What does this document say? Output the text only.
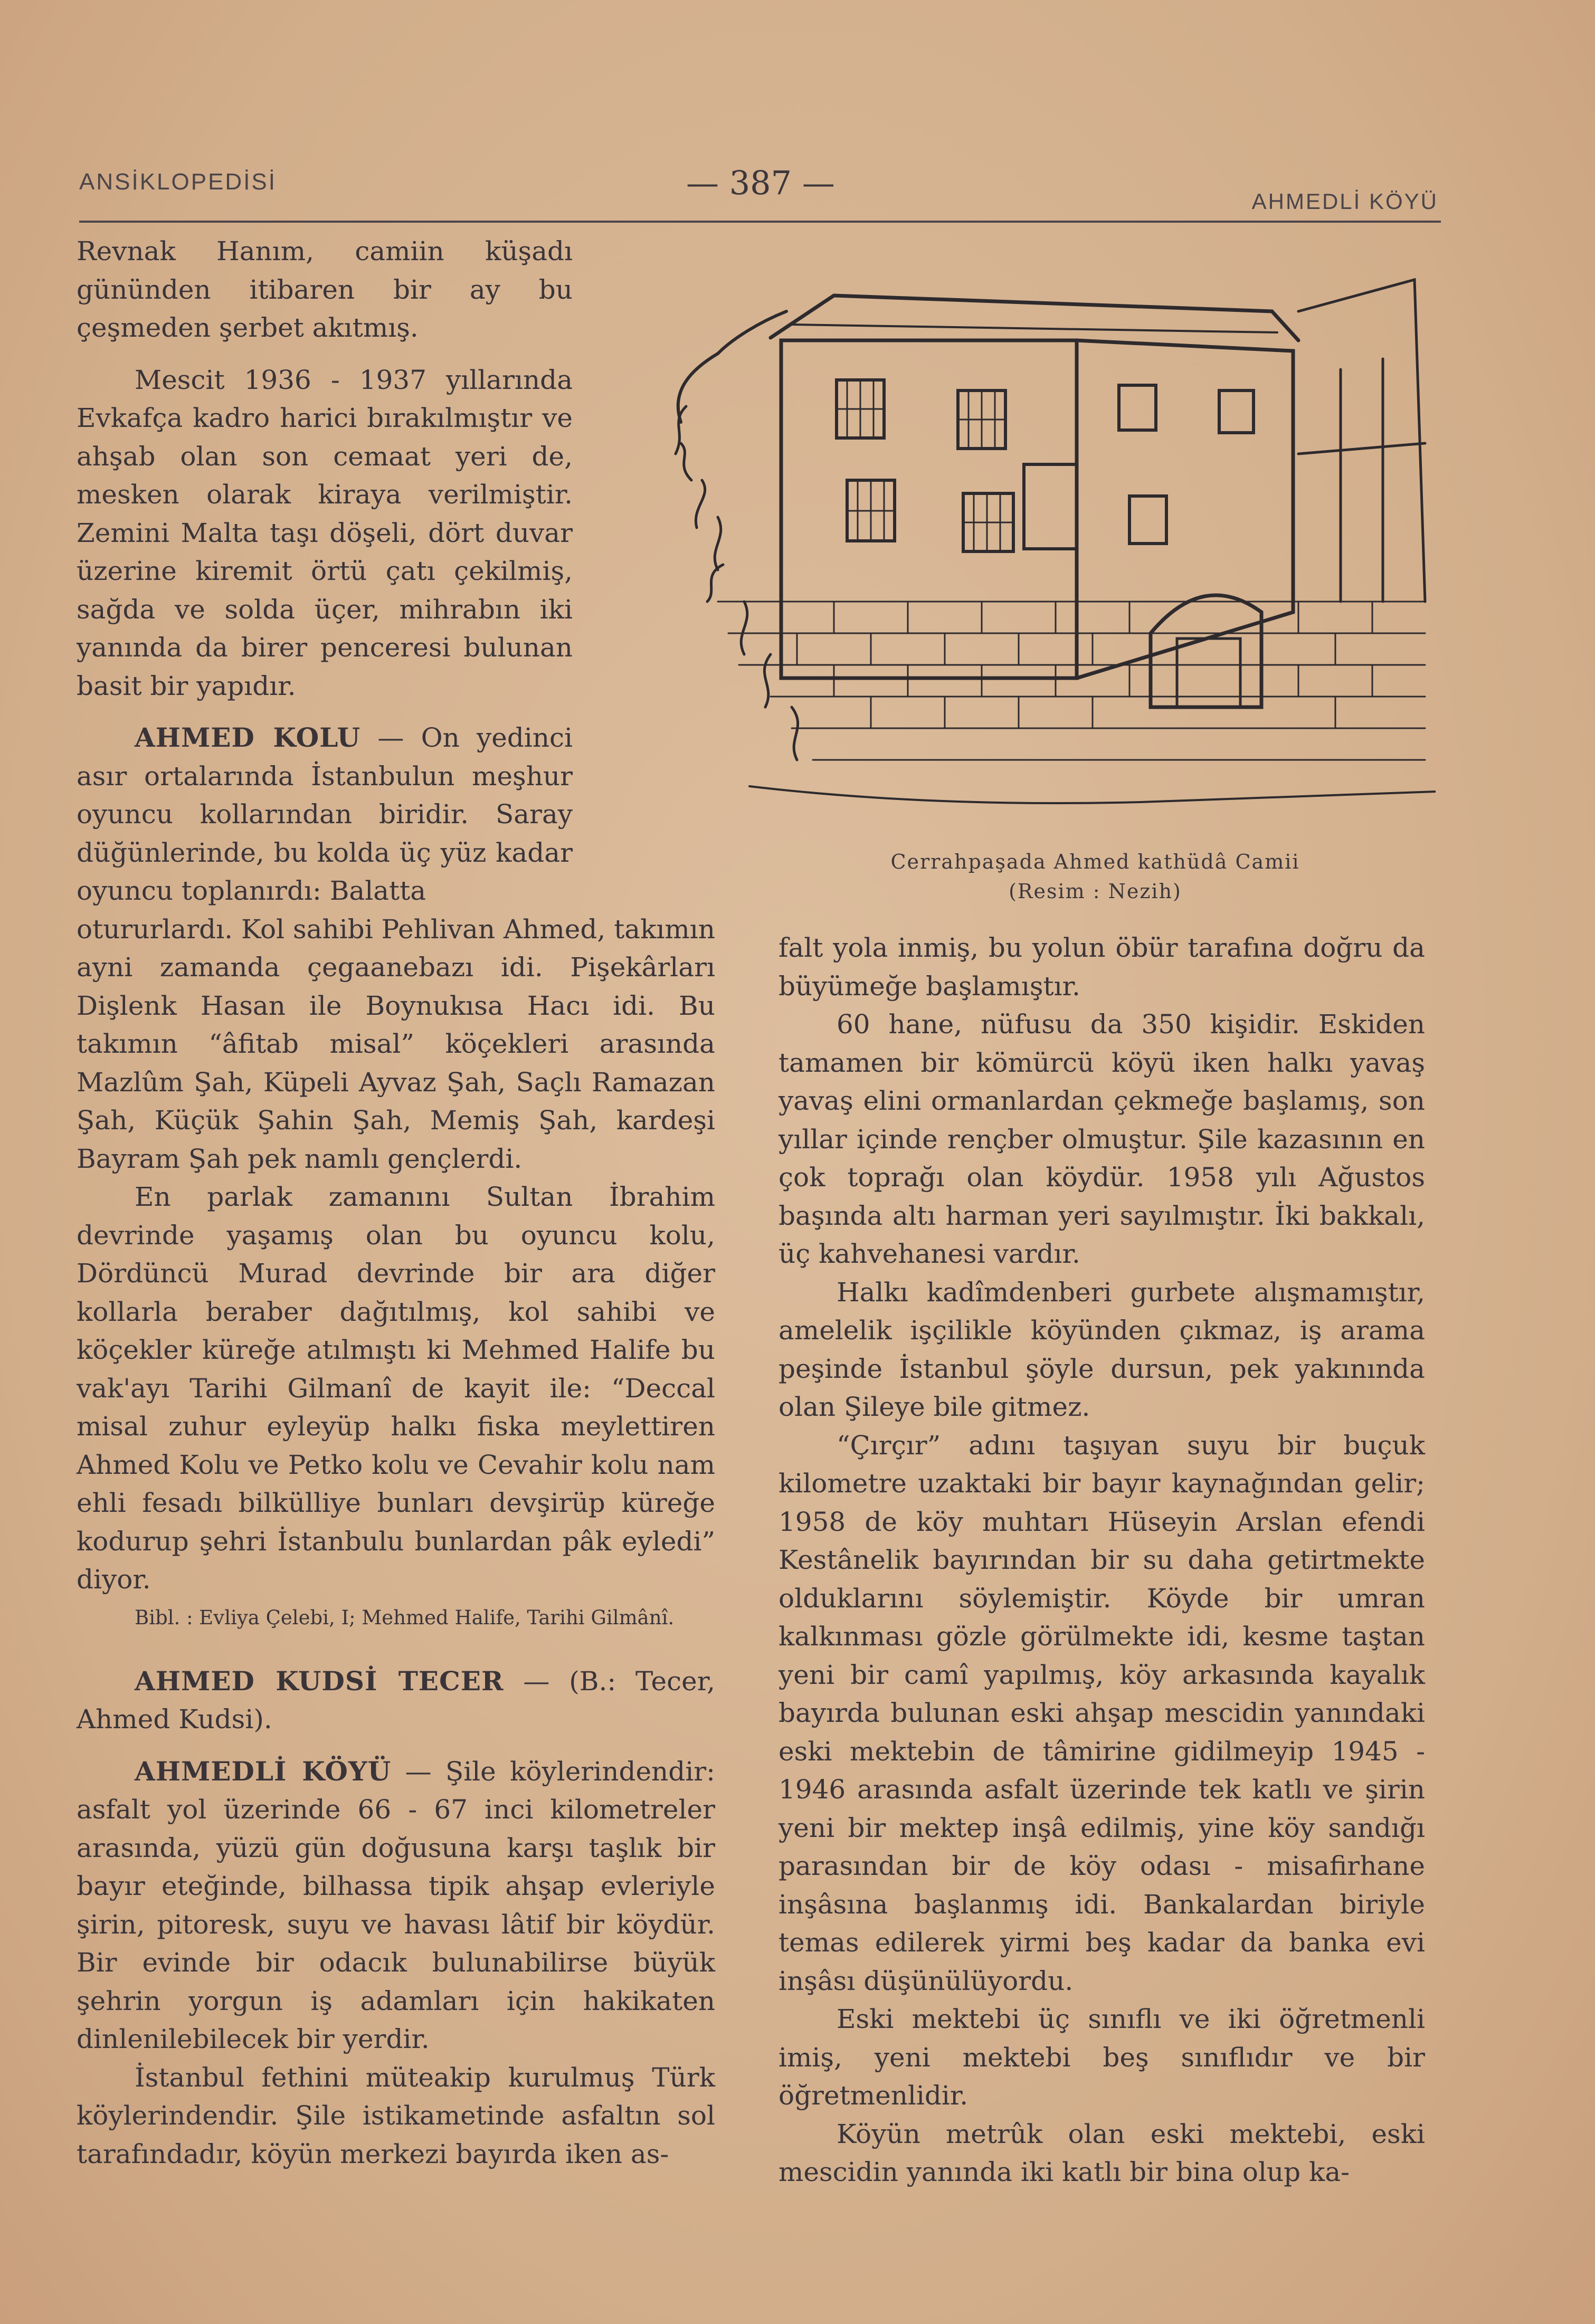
ANSİKLOPEDİSİ	— 387 —	AHMEDLİ KÖYÜ
Cerrahpaşada Ahmed kathüdâ Camii
(Resim : Nezih)

Revnak Hanım, camiin küşadı gününden itibaren bir ay bu çeşmeden şerbet akıtmış.

Mescit 1936 - 1937 yıllarında Evkafça kadro harici bırakılmıştır ve ahşab olan son cemaat yeri de, mesken olarak kiraya verilmiştir. Zemini Malta taşı döşeli, dört duvar üzerine kiremit örtü çatı çekilmiş, sağda ve solda üçer, mihrabın iki yanında da birer penceresi bulunan basit bir yapıdır.

AHMED KOLU — On yedinci asır ortalarında İstanbulun meşhur oyuncu kollarından biridir. Saray düğünlerinde, bu kolda üç yüz kadar oyuncu toplanırdı: Balatta

otururlardı. Kol sahibi Pehlivan Ahmed, takımın ayni zamanda çegaanebazı idi. Pişekârları Dişlenk Hasan ile Boynukısa Hacı idi. Bu takımın “âfitab misal” köçekleri arasında Mazlûm Şah, Küpeli Ayvaz Şah, Saçlı Ramazan Şah, Küçük Şahin Şah, Memiş Şah, kardeşi Bayram Şah pek namlı gençlerdi.

En parlak zamanını Sultan İbrahim devrinde yaşamış olan bu oyuncu kolu, Dördüncü Murad devrinde bir ara diğer kollarla beraber dağıtılmış, kol sahibi ve köçekler küreğe atılmıştı ki Mehmed Halife bu vak'ayı Tarihi Gilmanî de kayit ile: “Deccal misal zuhur eyleyüp halkı fiska meylettiren Ahmed Kolu ve Petko kolu ve Cevahir kolu nam ehli fesadı bilkülliye bunları devşirüp küreğe kodurup şehri İstanbulu bunlardan pâk eyledi” diyor.

Bibl. : Evliya Çelebi, I; Mehmed Halife, Tarihi Gilmânî.

AHMED KUDSİ TECER — (B.: Tecer, Ahmed Kudsi).

AHMEDLİ KÖYÜ — Şile köylerindendir: asfalt yol üzerinde 66 - 67 inci kilometreler arasında, yüzü gün doğusuna karşı taşlık bir bayır eteğinde, bilhassa tipik ahşap evleriyle şirin, pitoresk, suyu ve havası lâtif bir köydür. Bir evinde bir odacık bulunabilirse büyük şehrin yorgun iş adamları için hakikaten dinlenilebilecek bir yerdir.

İstanbul fethini müteakip kurulmuş Türk köylerindendir. Şile istikametinde asfaltın sol tarafındadır, köyün merkezi bayırda iken as-

falt yola inmiş, bu yolun öbür tarafına doğru da büyümeğe başlamıştır.

60 hane, nüfusu da 350 kişidir. Eskiden tamamen bir kömürcü köyü iken halkı yavaş yavaş elini ormanlardan çekmeğe başlamış, son yıllar içinde rençber olmuştur. Şile kazasının en çok toprağı olan köydür. 1958 yılı Ağustos başında altı harman yeri sayılmıştır. İki bakkalı, üç kahvehanesi vardır.

Halkı kadîmdenberi gurbete alışmamıştır, amelelik işçilikle köyünden çıkmaz, iş arama peşinde İstanbul şöyle dursun, pek yakınında olan Şileye bile gitmez.

“Çırçır” adını taşıyan suyu bir buçuk kilometre uzaktaki bir bayır kaynağından gelir; 1958 de köy muhtarı Hüseyin Arslan efendi Kestânelik bayırından bir su daha getirtmekte olduklarını söylemiştir. Köyde bir umran kalkınması gözle görülmekte idi, kesme taştan yeni bir camî yapılmış, köy arkasında kayalık bayırda bulunan eski ahşap mescidin yanındaki eski mektebin de tâmirine gidilmeyip 1945 - 1946 arasında asfalt üzerinde tek katlı ve şirin yeni bir mektep inşâ edilmiş, yine köy sandığı parasından bir de köy odası - misafirhane inşâsına başlanmış idi. Bankalardan biriyle temas edilerek yirmi beş kadar da banka evi inşâsı düşünülüyordu.

Eski mektebi üç sınıflı ve iki öğretmenli imiş, yeni mektebi beş sınıflıdır ve bir öğretmenlidir.

Köyün metrûk olan eski mektebi, eski mescidin yanında iki katlı bir bina olup ka-
